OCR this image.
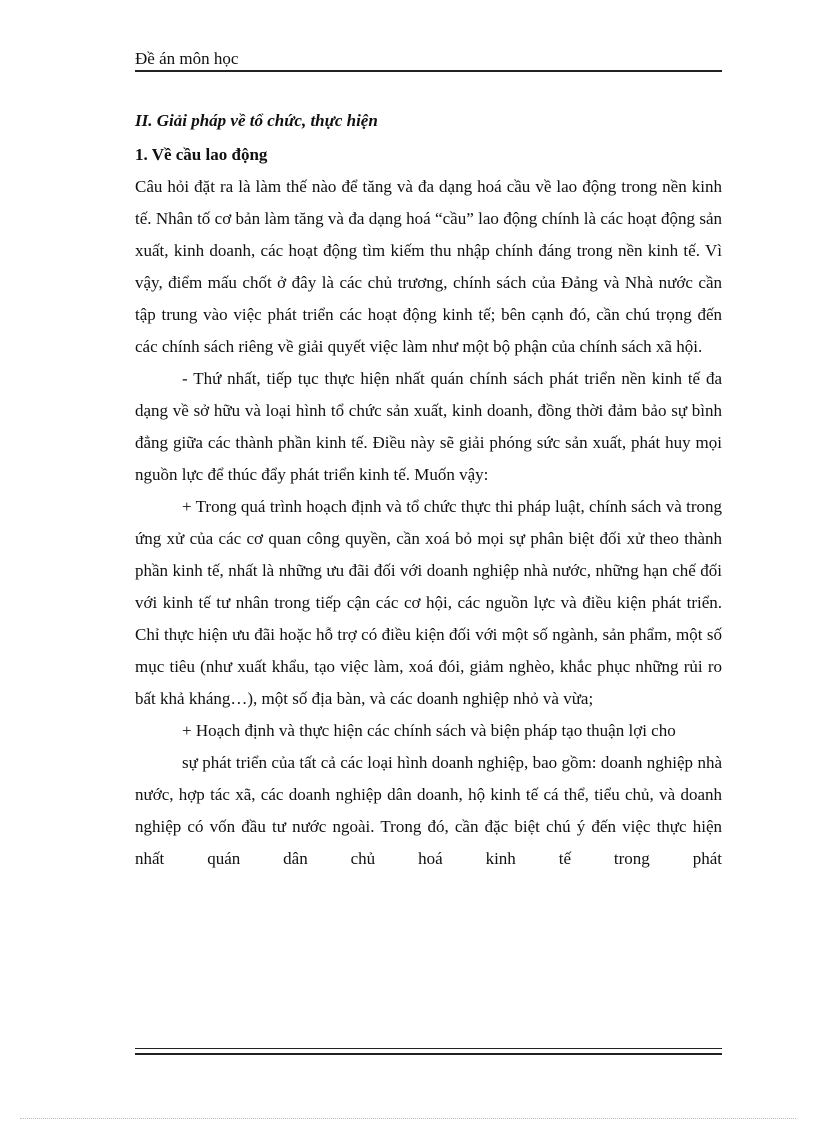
Đề án môn học

II. Giải pháp về tổ chức, thực hiện

1. Về cầu lao động

Câu hỏi đặt ra là làm thế nào để tăng và đa dạng hoá cầu về lao động trong nền kinh tế. Nhân tố cơ bản làm tăng và đa dạng hoá “cầu” lao động chính là các hoạt động sản xuất, kinh doanh, các hoạt động tìm kiếm thu nhập chính đáng trong nền kinh tế. Vì vậy, điểm mấu chốt ở đây là các chủ trương, chính sách của Đảng và Nhà nước cần tập trung vào việc phát triển các hoạt động kinh tế; bên cạnh đó, cần chú trọng đến các chính sách riêng về giải quyết việc làm như một bộ phận của chính sách xã hội.

- Thứ nhất, tiếp tục thực hiện nhất quán chính sách phát triển nền kinh tế đa dạng về sở hữu và loại hình tổ chức sản xuất, kinh doanh, đồng thời đảm bảo sự bình đẳng giữa các thành phần kinh tế. Điều này sẽ giải phóng sức sản xuất, phát huy mọi nguồn lực để thúc đẩy phát triển kinh tế. Muốn vậy:

+ Trong quá trình hoạch định và tổ chức thực thi pháp luật, chính sách và trong ứng xử của các cơ quan công quyền, cần xoá bỏ mọi sự phân biệt đối xử theo thành phần kinh tế, nhất là những ưu đãi đối với doanh nghiệp nhà nước, những hạn chế đối với kinh tế tư nhân trong tiếp cận các cơ hội, các nguồn lực và điều kiện phát triển. Chỉ thực hiện ưu đãi hoặc hỗ trợ có điều kiện đối với một số ngành, sản phẩm, một số mục tiêu (như xuất khẩu, tạo việc làm, xoá đói, giảm nghèo, khắc phục những rủi ro bất khả kháng…), một số địa bàn, và các doanh nghiệp nhỏ và vừa;

+ Hoạch định và thực hiện các chính sách và biện pháp tạo thuận lợi cho

sự phát triển của tất cả các loại hình doanh nghiệp, bao gồm: doanh nghiệp nhà nước, hợp tác xã, các doanh nghiệp dân doanh, hộ kinh tế cá thể, tiểu chủ, và doanh nghiệp có vốn đầu tư nước ngoài. Trong đó, cần đặc biệt chú ý đến việc thực hiện nhất quán dân chủ hoá kinh tế trong phát
